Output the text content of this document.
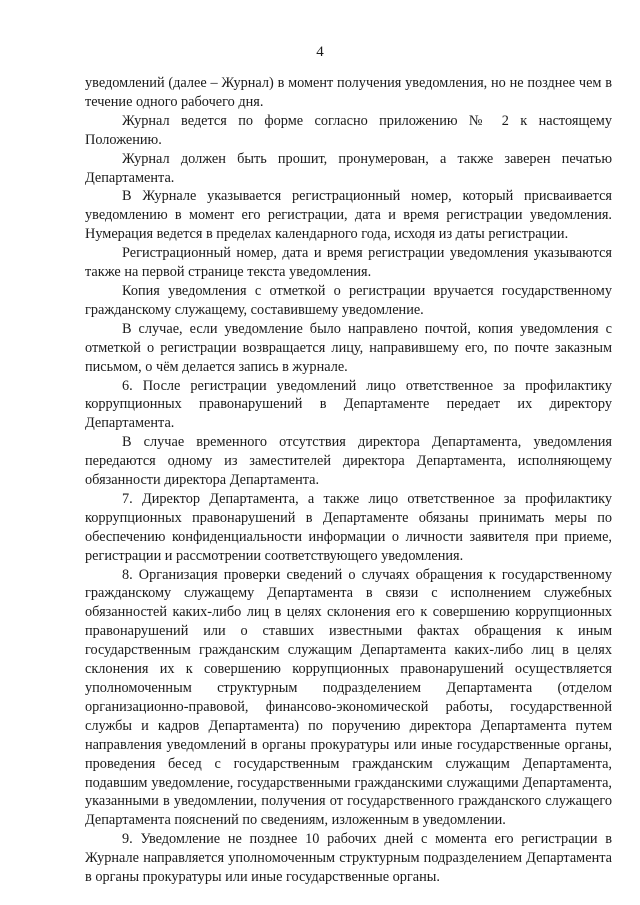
4

уведомлений (далее – Журнал) в момент получения уведомления, но не позднее чем в течение одного рабочего дня.

Журнал ведется по форме согласно приложению № 2 к настоящему Положению.

Журнал должен быть прошит, пронумерован, а также заверен печатью Департамента.

В Журнале указывается регистрационный номер, который присваивается уведомлению в момент его регистрации, дата и время регистрации уведомления. Нумерация ведется в пределах календарного года, исходя из даты регистрации.

Регистрационный номер, дата и время регистрации уведомления указываются также на первой странице текста уведомления.

Копия уведомления с отметкой о регистрации вручается государственному гражданскому служащему, составившему уведомление.

В случае, если уведомление было направлено почтой, копия уведомления с отметкой о регистрации возвращается лицу, направившему его, по почте заказным письмом, о чём делается запись в журнале.

6. После регистрации уведомлений лицо ответственное за профилактику коррупционных правонарушений в Департаменте передает их директору Департамента.

В случае временного отсутствия директора Департамента, уведомления передаются одному из заместителей директора Департамента, исполняющему обязанности директора Департамента.

7. Директор Департамента, а также лицо ответственное за профилактику коррупционных правонарушений в Департаменте обязаны принимать меры по обеспечению конфиденциальности информации о личности заявителя при приеме, регистрации и рассмотрении соответствующего уведомления.

8. Организация проверки сведений о случаях обращения к государственному гражданскому служащему Департамента в связи с исполнением служебных обязанностей каких-либо лиц в целях склонения его к совершению коррупционных правонарушений или о ставших известными фактах обращения к иным государственным гражданским служащим Департамента каких-либо лиц в целях склонения их к совершению коррупционных правонарушений осуществляется уполномоченным структурным подразделением Департамента (отделом организационно-правовой, финансово-экономической работы, государственной службы и кадров Департамента) по поручению директора Департамента путем направления уведомлений в органы прокуратуры или иные государственные органы, проведения бесед с государственным гражданским служащим Департамента, подавшим уведомление, государственными гражданскими служащими Департамента, указанными в уведомлении, получения от государственного гражданского служащего Департамента пояснений по сведениям, изложенным в уведомлении.

9. Уведомление не позднее 10 рабочих дней с момента его регистрации в Журнале направляется уполномоченным структурным подразделением Департамента в органы прокуратуры или иные государственные органы.
